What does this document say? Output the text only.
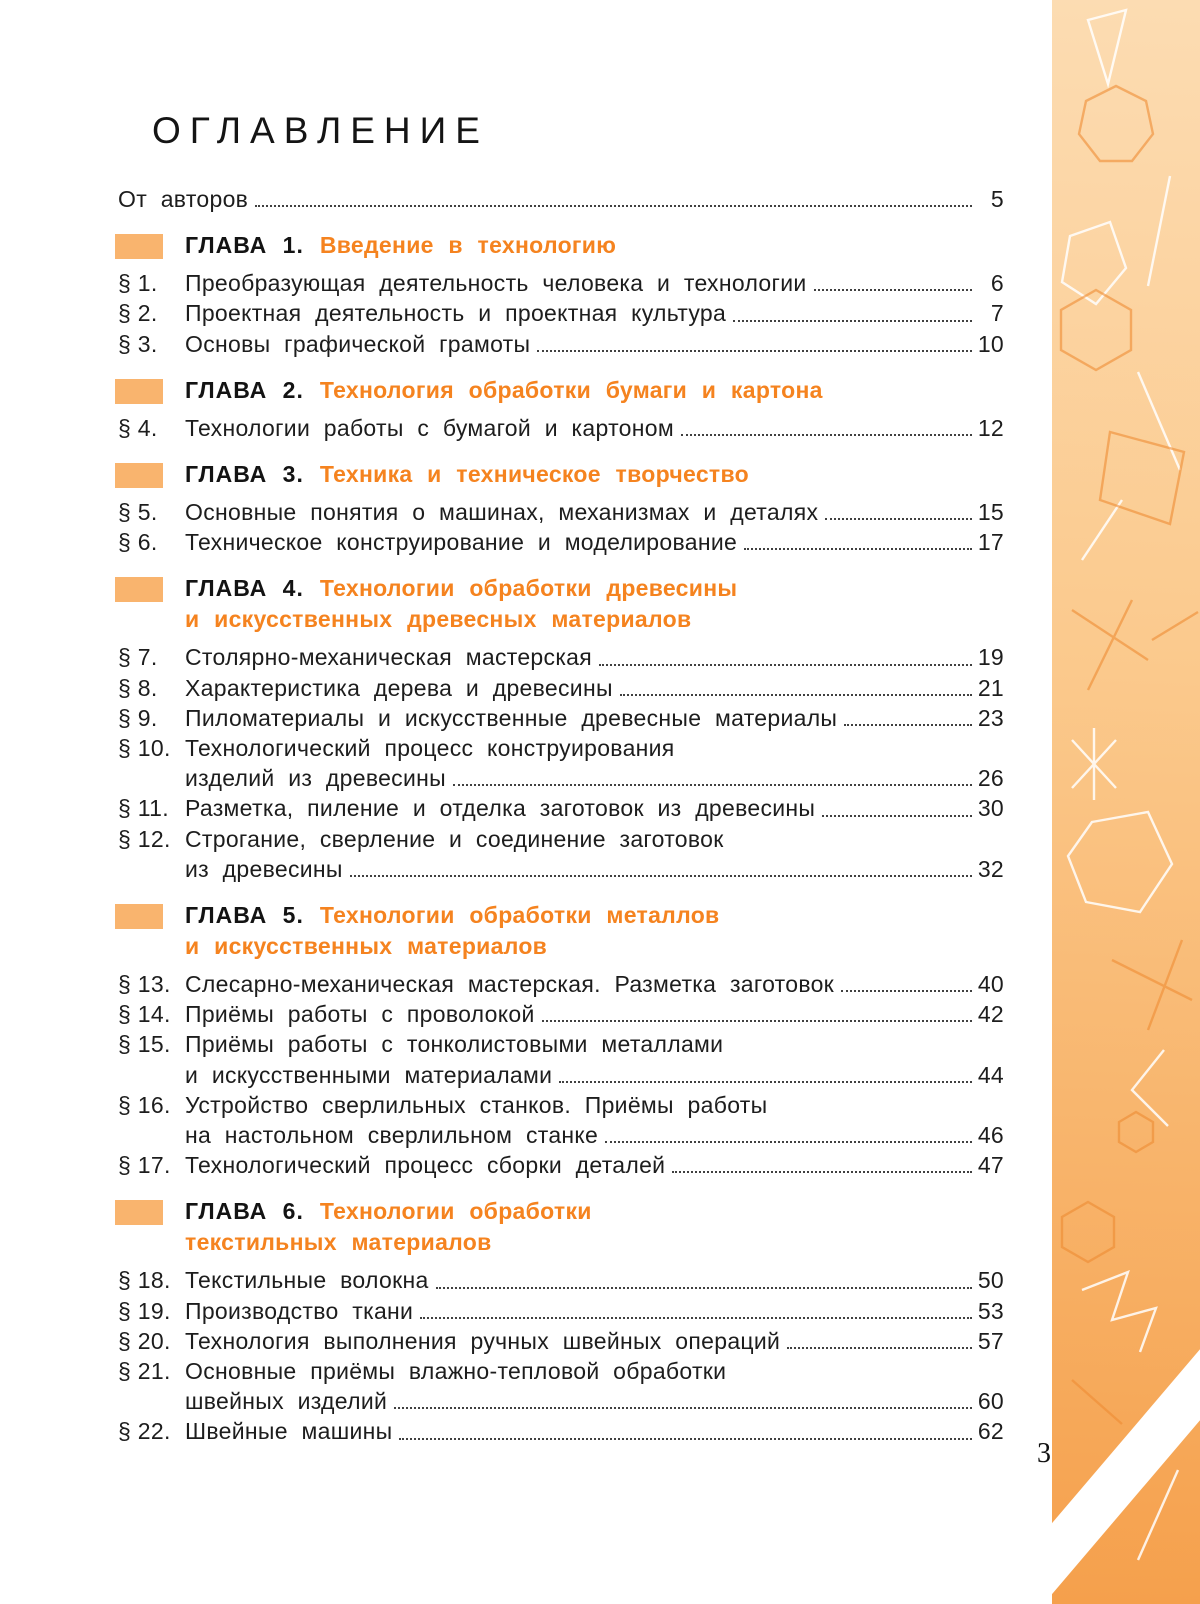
3
ОГЛАВЛЕНИЕ
От авторов	5
ГЛАВА 1. Введение в технологию
§ 1.	Преобразующая деятельность человека и технологии	6
§ 2.	Проектная деятельность и проектная культура	7
§ 3.	Основы графической грамоты	10
ГЛАВА 2. Технология обработки бумаги и картона
§ 4.	Технологии работы с бумагой и картоном	12
ГЛАВА 3. Техника и техническое творчество
§ 5.	Основные понятия о машинах, механизмах и деталях	15
§ 6.	Техническое конструирование и моделирование	17
ГЛАВА 4. Технологии обработки древесины
и искусственных древесных материалов
§ 7.	Столярно-механическая мастерская	19
§ 8.	Характеристика дерева и древесины	21
§ 9.	Пиломатериалы и искусственные древесные материалы	23
§ 10. Технологический процесс конструирования
изделий из древесины	26
§ 11. Разметка, пиление и отделка заготовок из древесины	30
§ 12. Строгание, сверление и соединение заготовок
из древесины	32
ГЛАВА 5. Технологии обработки металлов
и искусственных материалов
§ 13. Слесарно-механическая мастерская. Разметка заготовок	40
§ 14. Приёмы работы с проволокой	42
§ 15. Приёмы работы с тонколистовыми металлами
и искусственными материалами	44
§ 16. Устройство сверлильных станков. Приёмы работы
на настольном сверлильном станке	46
§ 17. Технологический процесс сборки деталей	47
ГЛАВА 6. Технологии обработки
текстильных материалов
§ 18. Текстильные волокна	50
§ 19. Производство ткани	53
§ 20. Технология выполнения ручных швейных операций	57
§ 21. Основные приёмы влажно-тепловой обработки
швейных изделий	60
§ 22. Швейные машины	62
